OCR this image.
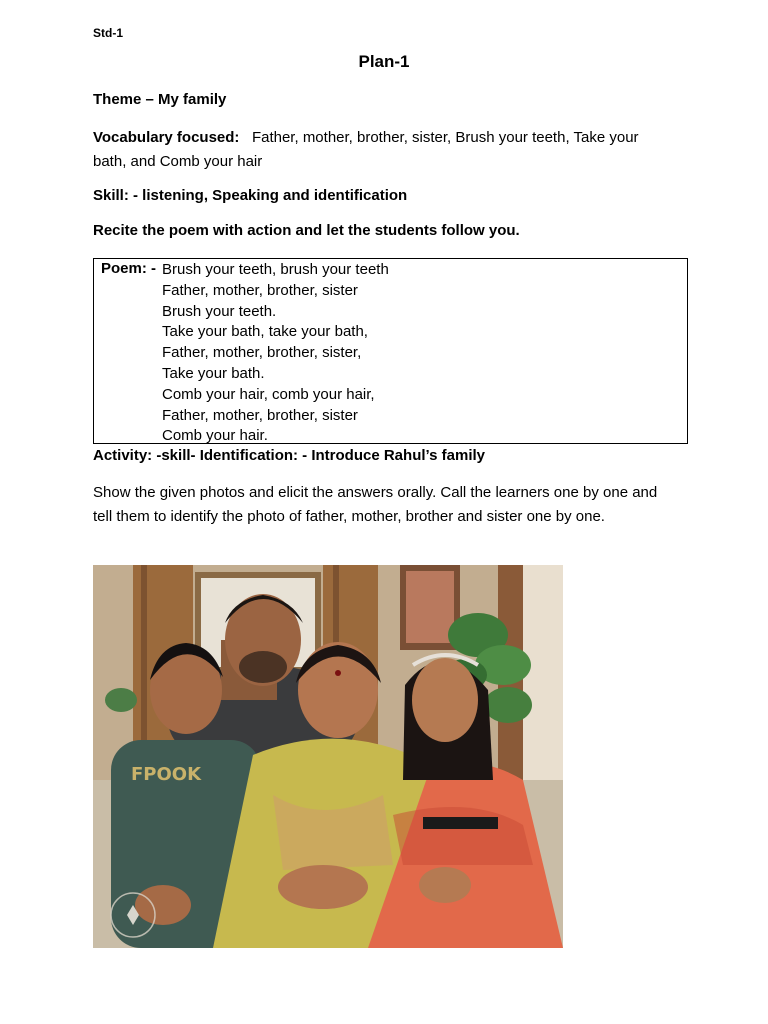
Std-1
Plan-1
Theme – My family
Vocabulary focused: Father, mother, brother, sister, Brush your teeth, Take your bath, and Comb your hair
Skill: - listening, Speaking and identification
Recite the poem with action and let the students follow you.
Poem: - Brush your teeth, brush your teeth
Father, mother, brother, sister
Brush your teeth.
Take your bath, take your bath,
Father, mother, brother, sister,
Take your bath.
Comb your hair, comb your hair,
Father, mother, brother, sister
Comb your hair.
Activity: -skill- Identification: - Introduce Rahul’s family
Show the given photos and elicit the answers orally. Call the learners one by one and tell them to identify the photo of father, mother, brother and sister one by one.
FPOOK
